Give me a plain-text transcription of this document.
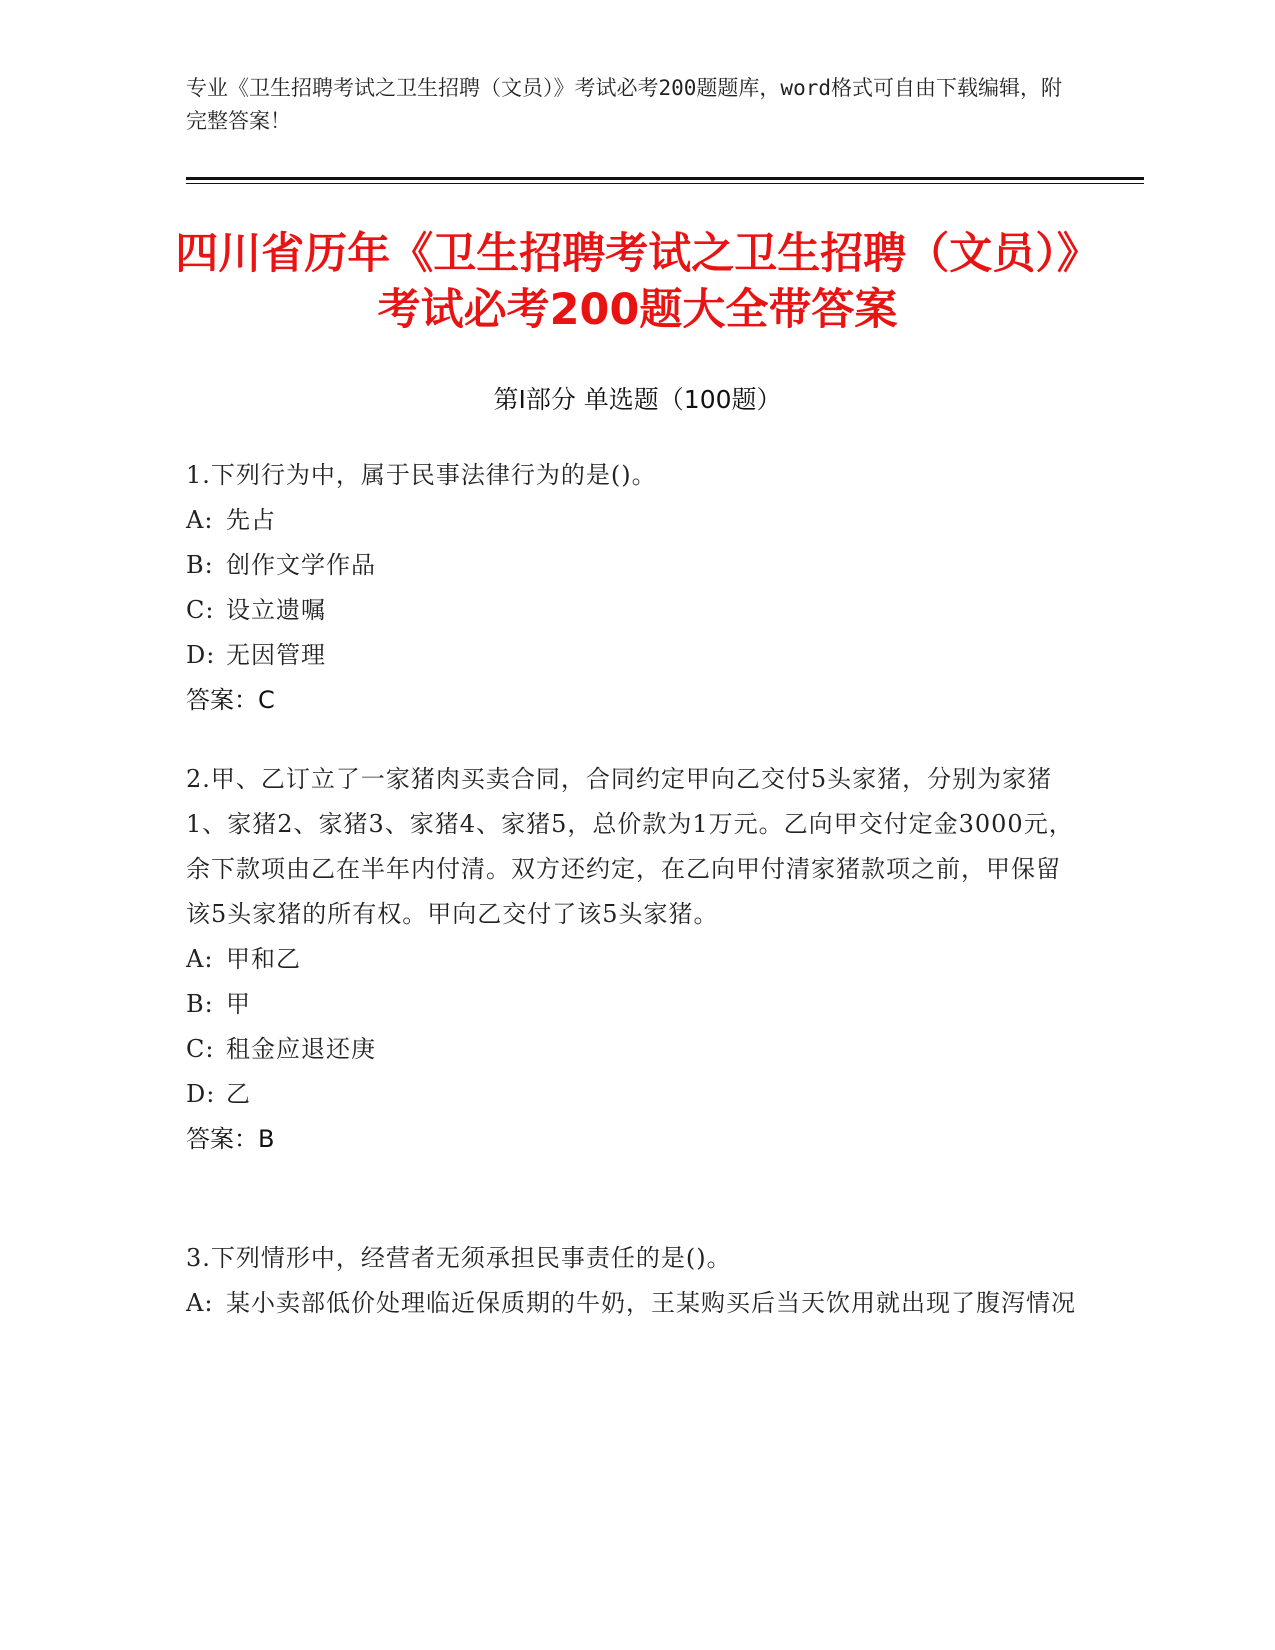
专业《卫生招聘考试之卫生招聘（文员）》考试必考200题题库，word格式可自由下载编辑，附完整答案！
四川省历年《卫生招聘考试之卫生招聘（文员）》考试必考200题大全带答案
第Ⅰ部分 单选题（100题）

1.下列行为中，属于民事法律行为的是()。

A: 先占

B: 创作文学作品

C: 设立遗嘱

D: 无因管理

答案：C

2.甲、乙订立了一家猪肉买卖合同，合同约定甲向乙交付5头家猪，分别为家猪1、家猪2、家猪3、家猪4、家猪5，总价款为1万元。乙向甲交付定金3000元，余下款项由乙在半年内付清。双方还约定，在乙向甲付清家猪款项之前，甲保留该5头家猪的所有权。甲向乙交付了该5头家猪。

A: 甲和乙

B: 甲

C: 租金应退还庚

D: 乙

答案：B

3.下列情形中，经营者无须承担民事责任的是()。

A: 某小卖部低价处理临近保质期的牛奶，王某购买后当天饮用就出现了腹泻情况
